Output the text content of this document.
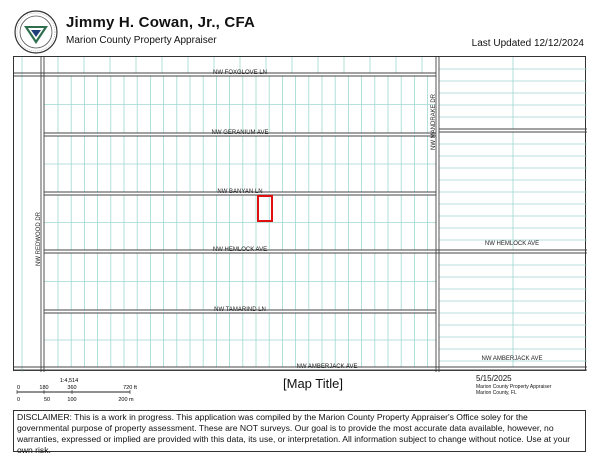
Jimmy H. Cowan, Jr., CFA
Marion County Property Appraiser	Last Updated 12/12/2024
NW FOXGLOVE LN
NW GERANIUM AVE
NW BANYAN LN
NW HEMLOCK AVE
NW HEMLOCK AVE
NW TAMARIND LN
NW AMBERJACK AVE
NW AMBERJACK AVE
NW REDWOOD DR
NW MANDRAKE DR
1:4,514
0	180	360	720 ft
0	50	100	200 m
[Map Title]	5/15/2025
Marion County Property Appraiser
Marion County, FL
DISCLAIMER: This is a work in progress. This application was compiled by the Marion County Property Appraiser's Office soley for the governmental purpose of property assessment. These are NOT surveys. Our goal is to provide the most accurate data available, however, no warranties, expressed or implied are provided with this data, its use, or interpretation. All information subject to change without notice. Use at your own risk.
